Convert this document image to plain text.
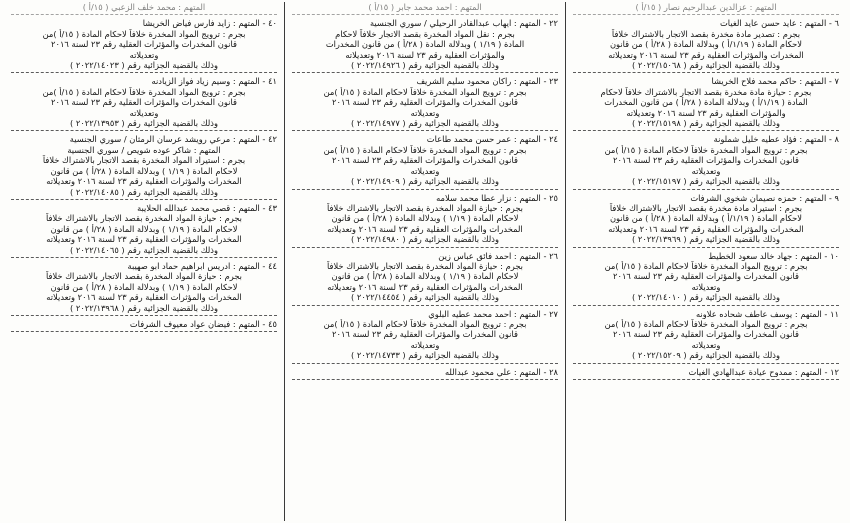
المتهم : عزالدين عبدالرحيم نصار ( ١٥/أ )
٦ - المتهم : عايد حسن عايد الغيات
بجرم : تصدير مادة مخدرة بقصد الاتجار بالاشتراك خلافاً
لاحكام المادة ( ١/١٩/أ ) وبدلالة المادة ( ٢٨/أ ) من قانون
المخدرات والمؤثرات العقلية رقم ٢٣ لسنة ٢٠١٦ وتعديلاته
وذلك بالقضية الجزائية رقم ( ٢٠٢٢/١٥٠٦٨ )
٧ - المتهم : حاكم محمد فلاح الخريشا
بجرم : حيازة مادة مخدرة بقصد الاتجار بالاشتراك خلافاً لاحكام
المادة ( ١/١٩/أ ) وبدلالة المادة ( ٢٨/أ ) من قانون المخدرات
والمؤثرات العقلية رقم ٢٣ لسنة ٢٠١٦ وتعديلاته
وذلك بالقضية الجزائية رقم ( ٢٠٢٢/١٥١٩٨ )
٨ - المتهم : فؤاد عطيه خليل شملونة
بجرم : ترويج المواد المخدرة خلافاً لاحكام المادة ( ١٥/أ )من
قانون المخدرات والمؤثرات العقلية رقم ٢٣ لسنة ٢٠١٦
وتعديلاته
وذلك بالقضية الجزائية رقم ( ٢٠٢٢/١٥١٩٧ )
٩ - المتهم : حمزه نصيمان شخوي الشرفات
بجرم : استيراد مادة مخدرة بقصد الاتجار بالاشتراك خلافاً
لاحكام المادة ( ١/١٩/أ ) وبدلالة المادة ( ٢٨/أ ) من قانون
المخدرات والمؤثرات العقلية رقم ٢٣ لسنة ٢٠١٦ وتعديلاته
وذلك بالقضية الجزائية رقم ( ٢٠٢٢/١٣٩٦٩ )
١٠ - المتهم : جهاد خالد سعود الخطيط
بجرم : ترويج المواد المخدرة خلافاً لاحكام المادة ( ١٥/أ )من
قانون المخدرات والمؤثرات العقلية رقم ٢٣ لسنة ٢٠١٦
وتعديلاته
وذلك بالقضية الجزائية رقم ( ٢٠٢٢/١٤٠١٠ )
١١ - المتهم : يوسف عاطف شحاده علاونه
بجرم : ترويج المواد المخدرة خلافاً لاحكام المادة ( ١٥/أ )من
قانون المخدرات والمؤثرات العقلية رقم ٢٣ لسنة ٢٠١٦
وتعديلاته
وذلك بالقضية الجزائية رقم ( ٢٠٢٢/١٥٢٠٩ )
١٢ - المتهم : ممدوح عيادة عبدالهادي الغيات
المتهم : احمد محمد جابر ( ١٥/أ )
٢٢ - المتهم : ايهاب عبدالقادر الرحيلي / سوري الجنسية
بجرم : نقل المواد المخدرة بقصد الاتجار خلافاً لاحكام
المادة ( ١/١٩ ) وبدلالة المادة ( ٢٨/أ ) من قانون المخدرات
والمؤثرات العقلية رقم ٢٣ لسنة ٢٠١٦ وتعديلاته
وذلك بالقضية الجزائية رقم ( ٢٠٢٢/١٤٩٢٦ )
٢٣ - المتهم : راكان محمود سليم الشريف
بجرم : ترويج المواد المخدرة خلافاً لاحكام المادة ( ١٥/أ )من
قانون المخدرات والمؤثرات العقلية رقم ٢٣ لسنة ٢٠١٦
وتعديلاته
وذلك بالقضية الجزائية رقم ( ٢٠٢٢/١٤٩٧٧ )
٢٤ - المتهم : عمر حسن محمد طاعات
بجرم : ترويج المواد المخدرة خلافاً لاحكام المادة ( ١٥/أ )من
قانون المخدرات والمؤثرات العقلية رقم ٢٣ لسنة ٢٠١٦
وتعديلاته
وذلك بالقضية الجزائية رقم ( ٢٠٢٢/١٤٩٠٩ )
٢٥ - المتهم : نزار عطا محمد سلامه
بجرم : حيازة المواد المخدرة بقصد الاتجار بالاشتراك خلافاً
لاحكام المادة ( ١/١٩ ) وبدلالة المادة ( ٢٨/أ ) من قانون
المخدرات والمؤثرات العقلية رقم ٢٣ لسنة ٢٠١٦ وتعديلاته
وذلك بالقضية الجزائية رقم ( ٢٠٢٢/١٤٩٨٠ )
٢٦ - المتهم : احمد فائق عباس زين
بجرم : حيازة المواد المخدرة بقصد الاتجار بالاشتراك خلافاً
لاحكام المادة ( ١/١٩ ) وبدلالة المادة ( ٢٨/أ ) من قانون
المخدرات والمؤثرات العقلية رقم ٢٣ لسنة ٢٠١٦ وتعديلاته
وذلك بالقضية الجزائية رقم ( ٢٠٢٢/١٤٤٥٤ )
٢٧ - المتهم : احمد محمد عطيه البلوي
بجرم : ترويج المواد المخدرة خلافاً لاحكام المادة ( ١٥/أ )من
قانون المخدرات والمؤثرات العقلية رقم ٢٣ لسنة ٢٠١٦
وتعديلاته
وذلك بالقضية الجزائية رقم ( ٢٠٢٢/١٤٧٣٣ )
٢٨ - المتهم : علي محمود عبدالله
المتهم : محمد خلف الزعبي ( ١٥/أ )
٤٠ - المتهم : زايد فارس فياض الخريشا
بجرم : ترويج المواد المخدرة خلافاً لاحكام المادة ( ١٥/أ )من
قانون المخدرات والمؤثرات العقلية رقم ٢٣ لسنة ٢٠١٦
وتعديلاته
وذلك بالقضية الجزائية رقم ( ٢٠٢٢/١٤٠٢٣ )
٤١ - المتهم : وسيم زياد فواز الزيادنه
بجرم : ترويج المواد المخدرة خلافاً لاحكام المادة ( ١٥/أ )من
قانون المخدرات والمؤثرات العقلية رقم ٢٣ لسنة ٢٠١٦
وتعديلاته
وذلك بالقضية الجزائية رقم ( ٢٠٢٢/١٣٩٥٣ )
٤٢ - المتهم : مرعي رويشد عرسان الرمثان / سوري الجنسية
المتهم : شاكر عوده شويص / سوري الجنسية
بجرم : استيراد المواد المخدرة بقصد الاتجار بالاشتراك خلافاً
لاحكام المادة ( ١/١٩ ) وبدلالة المادة ( ٢٨/أ ) من قانون
المخدرات والمؤثرات العقلية رقم ٢٣ لسنة ٢٠١٦ وتعديلاته
وذلك بالقضية الجزائية رقم ( ٢٠٢٢/١٤٠٨٥ )
٤٣ - المتهم : قصي محمد عبدالله الحلايبة
بجرم : حيازة المواد المخدرة بقصد الاتجار بالاشتراك خلافاً
لاحكام المادة ( ١/١٩ ) وبدلالة المادة ( ٢٨/أ ) من قانون
المخدرات والمؤثرات العقلية رقم ٢٣ لسنة ٢٠١٦ وتعديلاته
وذلك بالقضية الجزائية رقم ( ٢٠٢٢/١٤٠٦٥ )
٤٤ - المتهم : ادريس ابراهيم حماد ابو صهيبة
بجرم : حيازة المواد المخدرة بقصد الاتجار بالاشتراك خلافاً
لاحكام المادة ( ١/١٩ ) وبدلالة المادة ( ٢٨/أ ) من قانون
المخدرات والمؤثرات العقلية رقم ٢٣ لسنة ٢٠١٦ وتعديلاته
وذلك بالقضية الجزائية رقم ( ٢٠٢٢/١٣٩٦٨ )
٤٥ - المتهم : فيضان عواد معيوف الشرفات
